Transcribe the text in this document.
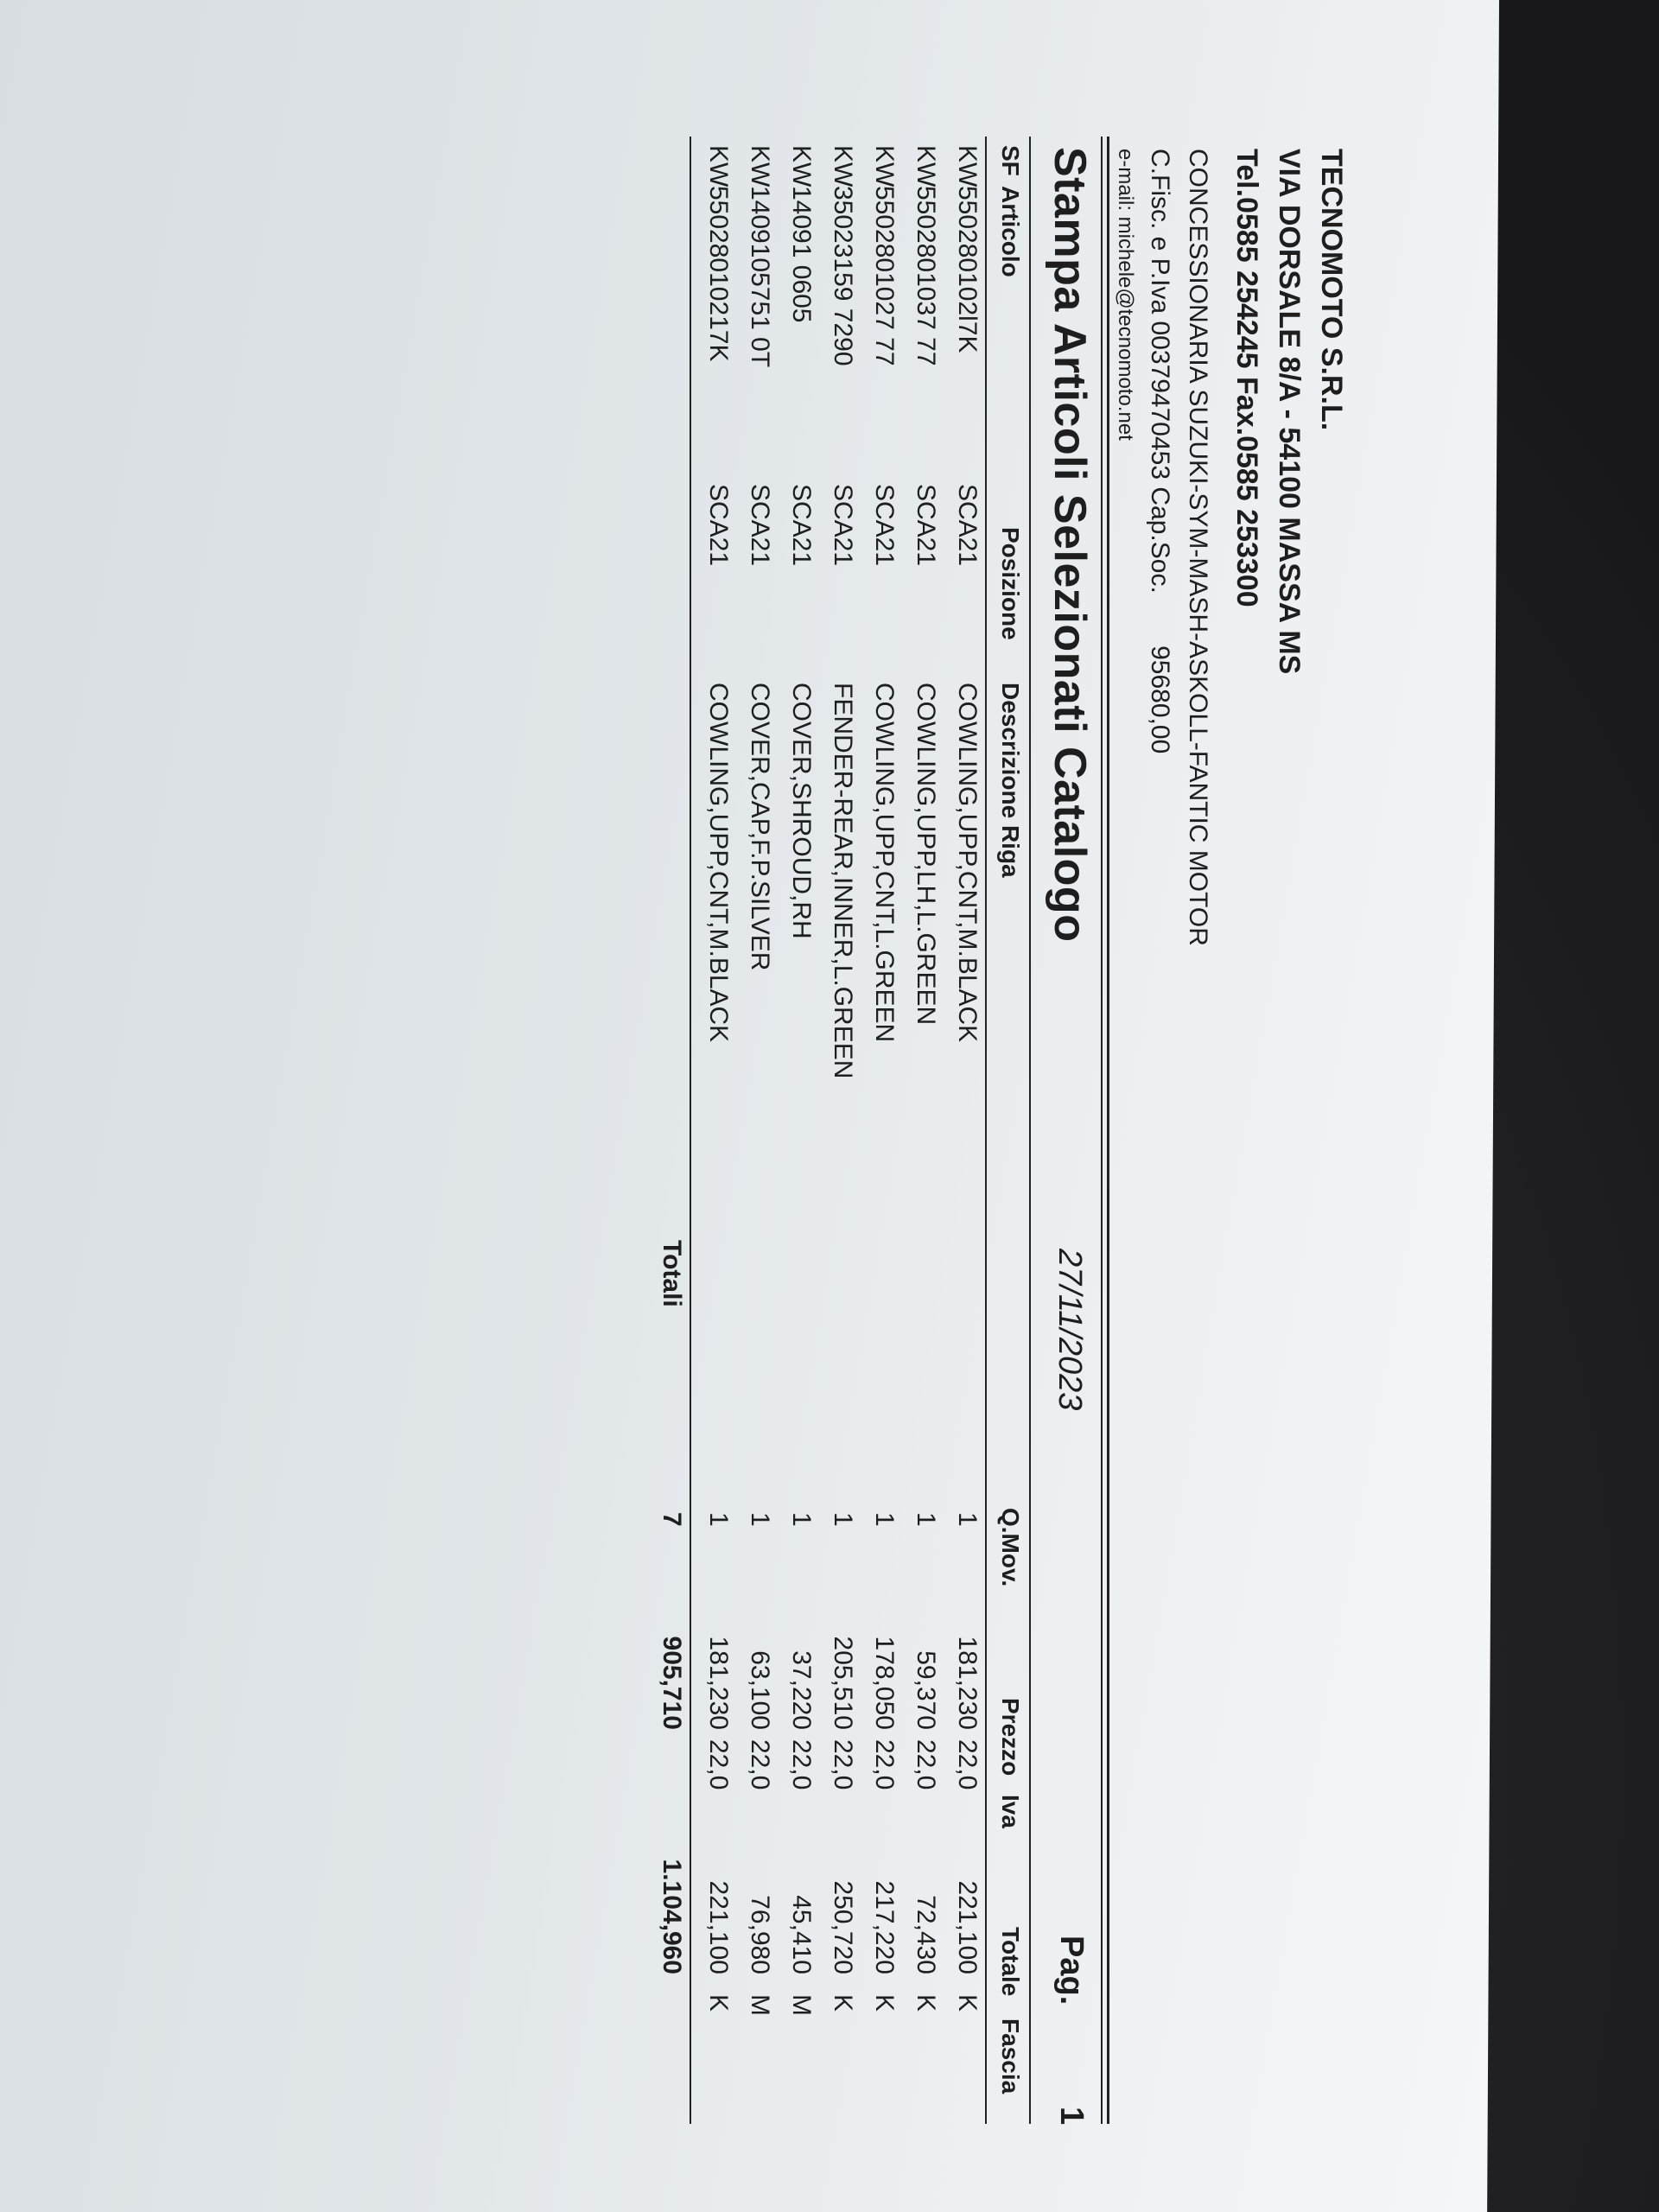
TECNOMOTO S.R.L.
VIA DORSALE 8/A - 54100 MASSA MS
Tel.0585 254245 Fax.0585 253300
CONCESSIONARIA SUZUKI-SYM-MASH-ASKOLL-FANTIC MOTOR
C.Fisc. e P.Iva 00379470453 Cap.Soc. 95680,00
e-mail: michele@tecnomoto.net
Stampa Articoli Selezionati Catalogo
27/11/2023
Pag.
1
SF
Articolo
Posizione
Descrizione Riga
Q.Mov.
Prezzo
Iva
Totale
Fascia
KW
550280102l7K
SCA21
COWLING,UPP,CNT,M.BLACK
1
181,230
22,0
221,100
K
KW
5502801037 77
SCA21
COWLING,UPP,LH,L.GREEN
1
59,370
22,0
72,430
K
KW
5502801027 77
SCA21
COWLING,UPP,CNT,L.GREEN
1
178,050
22,0
217,220
K
KW
35023159 7290
SCA21
FENDER-REAR,INNER,L.GREEN
1
205,510
22,0
250,720
K
KW
14091 0605
SCA21
COVER,SHROUD,RH
1
37,220
22,0
45,410
M
KW
1409105751 0T
SCA21
COVER,CAP,F.P.SILVER
1
63,100
22,0
76,980
M
KW
55028010217K
SCA21
COWLING,UPP,CNT,M.BLACK
1
181,230
22,0
221,100
K
Totali
7
905,710
1.104,960
